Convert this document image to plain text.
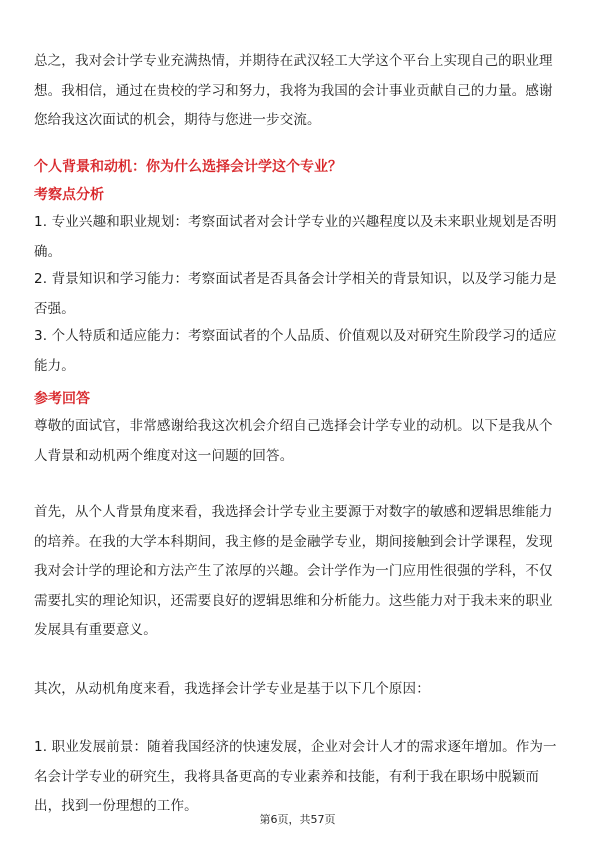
总之，我对会计学专业充满热情，并期待在武汉轻工大学这个平台上实现自己的职业理想。我相信，通过在贵校的学习和努力，我将为我国的会计事业贡献自己的力量。感谢您给我这次面试的机会，期待与您进一步交流。

个人背景和动机：你为什么选择会计学这个专业？

考察点分析

1. 专业兴趣和职业规划：考察面试者对会计学专业的兴趣程度以及未来职业规划是否明确。

2. 背景知识和学习能力：考察面试者是否具备会计学相关的背景知识，以及学习能力是否强。

3. 个人特质和适应能力：考察面试者的个人品质、价值观以及对研究生阶段学习的适应能力。

参考回答

尊敬的面试官，非常感谢给我这次机会介绍自己选择会计学专业的动机。以下是我从个人背景和动机两个维度对这一问题的回答。

首先，从个人背景角度来看，我选择会计学专业主要源于对数字的敏感和逻辑思维能力的培养。在我的大学本科期间，我主修的是金融学专业，期间接触到会计学课程，发现我对会计学的理论和方法产生了浓厚的兴趣。会计学作为一门应用性很强的学科，不仅需要扎实的理论知识，还需要良好的逻辑思维和分析能力。这些能力对于我未来的职业发展具有重要意义。

其次，从动机角度来看，我选择会计学专业是基于以下几个原因：

1. 职业发展前景：随着我国经济的快速发展，企业对会计人才的需求逐年增加。作为一名会计学专业的研究生，我将具备更高的专业素养和技能，有利于我在职场中脱颖而出，找到一份理想的工作。

第6页，共57页
